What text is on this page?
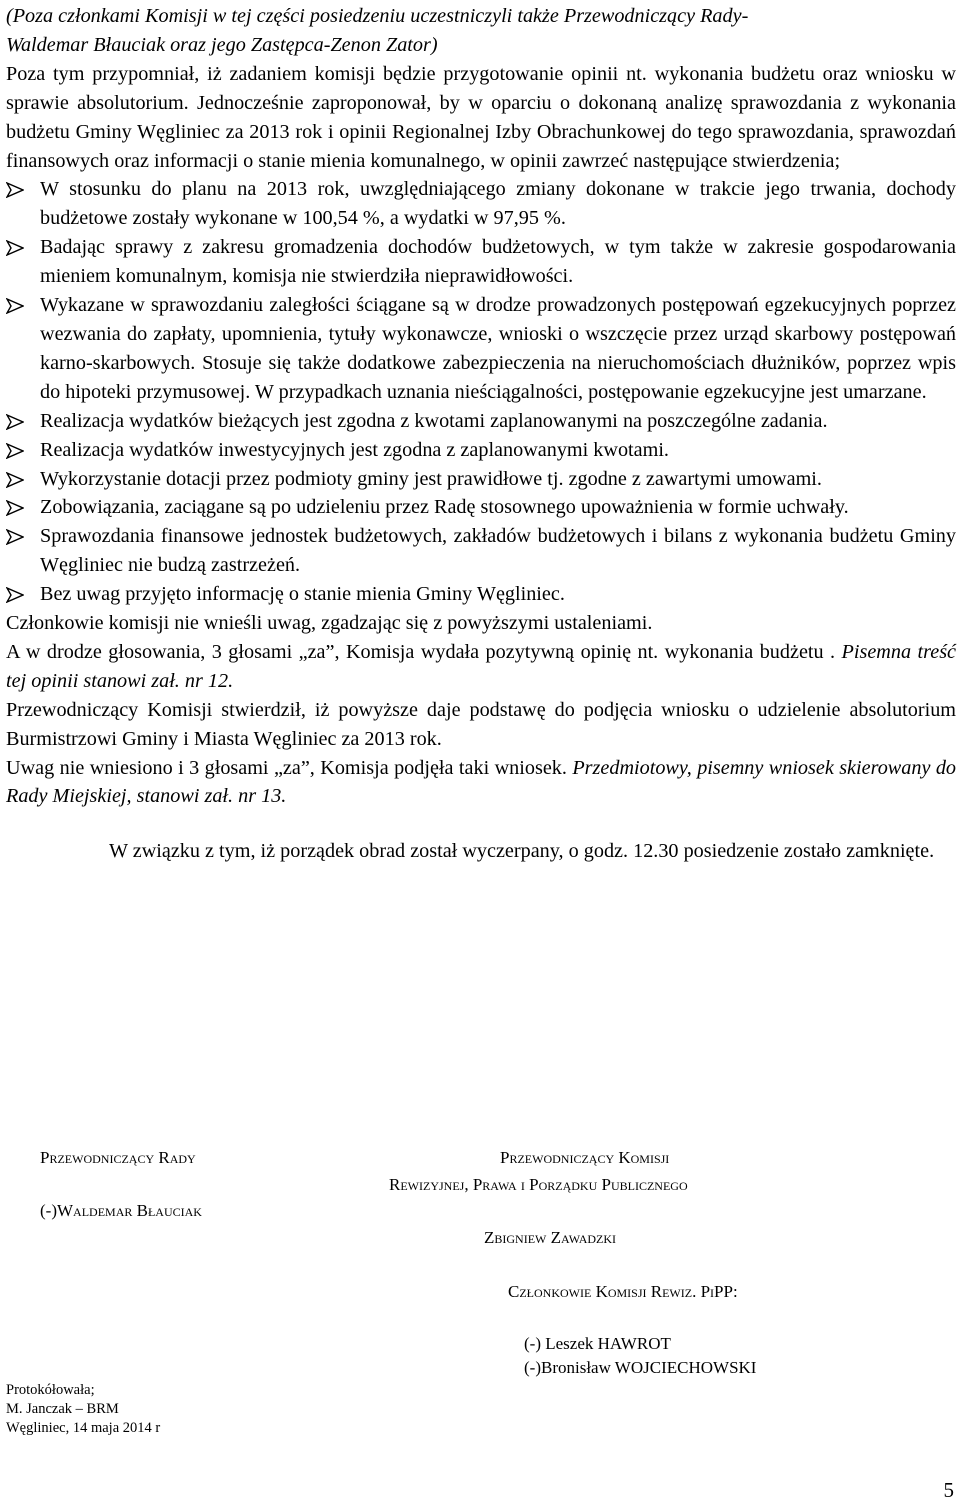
(Poza członkami Komisji w tej części posiedzeniu uczestniczyli także Przewodniczący Rady-

Waldemar Błauciak oraz jego Zastępca-Zenon Zator)

Poza tym przypomniał, iż zadaniem komisji będzie przygotowanie opinii nt. wykonania budżetu oraz wniosku w sprawie absolutorium. Jednocześnie zaproponował, by w oparciu o dokonaną analizę sprawozdania z wykonania budżetu Gminy Węgliniec za 2013 rok i opinii Regionalnej Izby Obrachunkowej do tego sprawozdania, sprawozdań finansowych oraz informacji o stanie mienia komunalnego, w opinii zawrzeć następujące stwierdzenia;

W stosunku do planu na 2013 rok, uwzględniającego zmiany dokonane w trakcie jego trwania, dochody budżetowe zostały wykonane w 100,54 %, a wydatki w 97,95 %.
Badając sprawy z zakresu gromadzenia dochodów budżetowych, w tym także w zakresie gospodarowania mieniem komunalnym, komisja nie stwierdziła nieprawidłowości.
Wykazane w sprawozdaniu zaległości ściągane są w drodze prowadzonych postępowań egzekucyjnych poprzez wezwania do zapłaty, upomnienia, tytuły wykonawcze, wnioski o wszczęcie przez urząd skarbowy postępowań karno-skarbowych. Stosuje się także dodatkowe zabezpieczenia na nieruchomościach dłużników, poprzez wpis do hipoteki przymusowej. W przypadkach uznania nieściągalności, postępowanie egzekucyjne jest umarzane.
Realizacja wydatków bieżących jest zgodna z kwotami zaplanowanymi na poszczególne zadania.
Realizacja wydatków inwestycyjnych jest zgodna z zaplanowanymi kwotami.
Wykorzystanie dotacji przez podmioty gminy jest prawidłowe tj. zgodne z zawartymi umowami.
Zobowiązania, zaciągane są po udzieleniu przez Radę stosownego upoważnienia w formie uchwały.
Sprawozdania finansowe jednostek budżetowych, zakładów budżetowych i bilans z wykonania budżetu Gminy Węgliniec nie budzą zastrzeżeń.
Bez uwag przyjęto informację o stanie mienia Gminy Węgliniec.

Członkowie komisji nie wnieśli uwag, zgadzając się z powyższymi ustaleniami.

A w drodze głosowania, 3 głosami „za”, Komisja wydała pozytywną opinię nt. wykonania budżetu . Pisemna treść tej opinii stanowi zał. nr 12.

Przewodniczący Komisji stwierdził, iż powyższe daje podstawę do podjęcia wniosku o udzielenie absolutorium Burmistrzowi Gminy i Miasta Węgliniec za 2013 rok.

Uwag nie wniesiono i 3 głosami „za”, Komisja podjęła taki wniosek. Przedmiotowy, pisemny wniosek skierowany do Rady Miejskiej, stanowi zał. nr 13.

W związku z tym, iż porządek obrad został wyczerpany, o godz. 12.30 posiedzenie zostało zamknięte.

Przewodniczący Rady
(-)Waldemar Błauciak
Przewodniczący Komisji
Rewizyjnej, Prawa i Porządku Publicznego
Zbigniew Zawadzki
Członkowie Komisji Rewiz. PiPP:
(-) Leszek HAWROT
(-)Bronisław WOJCIECHOWSKI
Protokółowała;
M. Janczak – BRM
Węgliniec, 14 maja 2014 r
5
